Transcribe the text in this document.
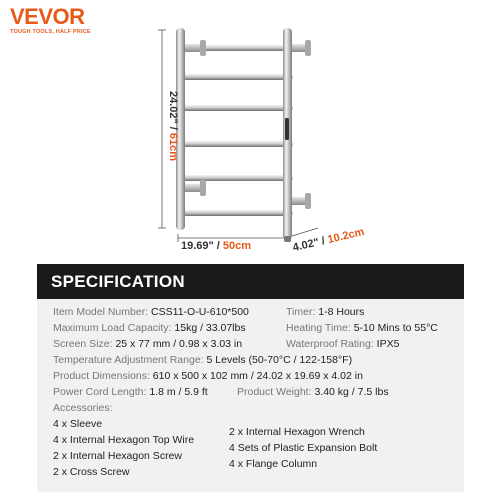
VEVOR
TOUGH TOOLS, HALF PRICE
24.02" / 61cm
19.69" / 50cm	4.02" / 10.2cm
SPECIFICATION
Item Model Number: CSS11-O-U-610*500
Maximum Load Capacity: 15kg / 33.07lbs
Screen Size: 25 x 77 mm / 0.98 x 3.03 in
Temperature Adjustment Range: 5 Levels (50-70°C / 122-158°F)
Product Dimensions: 610 x 500 x 102 mm / 24.02 x 19.69 x 4.02 in
Power Cord Length: 1.8 m / 5.9 ft
Timer: 1-8 Hours
Heating Time: 5-10 Mins to 55°C
Waterproof Rating: IPX5
Product Weight: 3.40 kg / 7.5 lbs
Accessories:
4 x Sleeve
4 x Internal Hexagon Top Wire
2 x Internal Hexagon Screw
2 x Cross Screw
2 x Internal Hexagon Wrench
4 Sets of Plastic Expansion Bolt
4 x Flange Column
